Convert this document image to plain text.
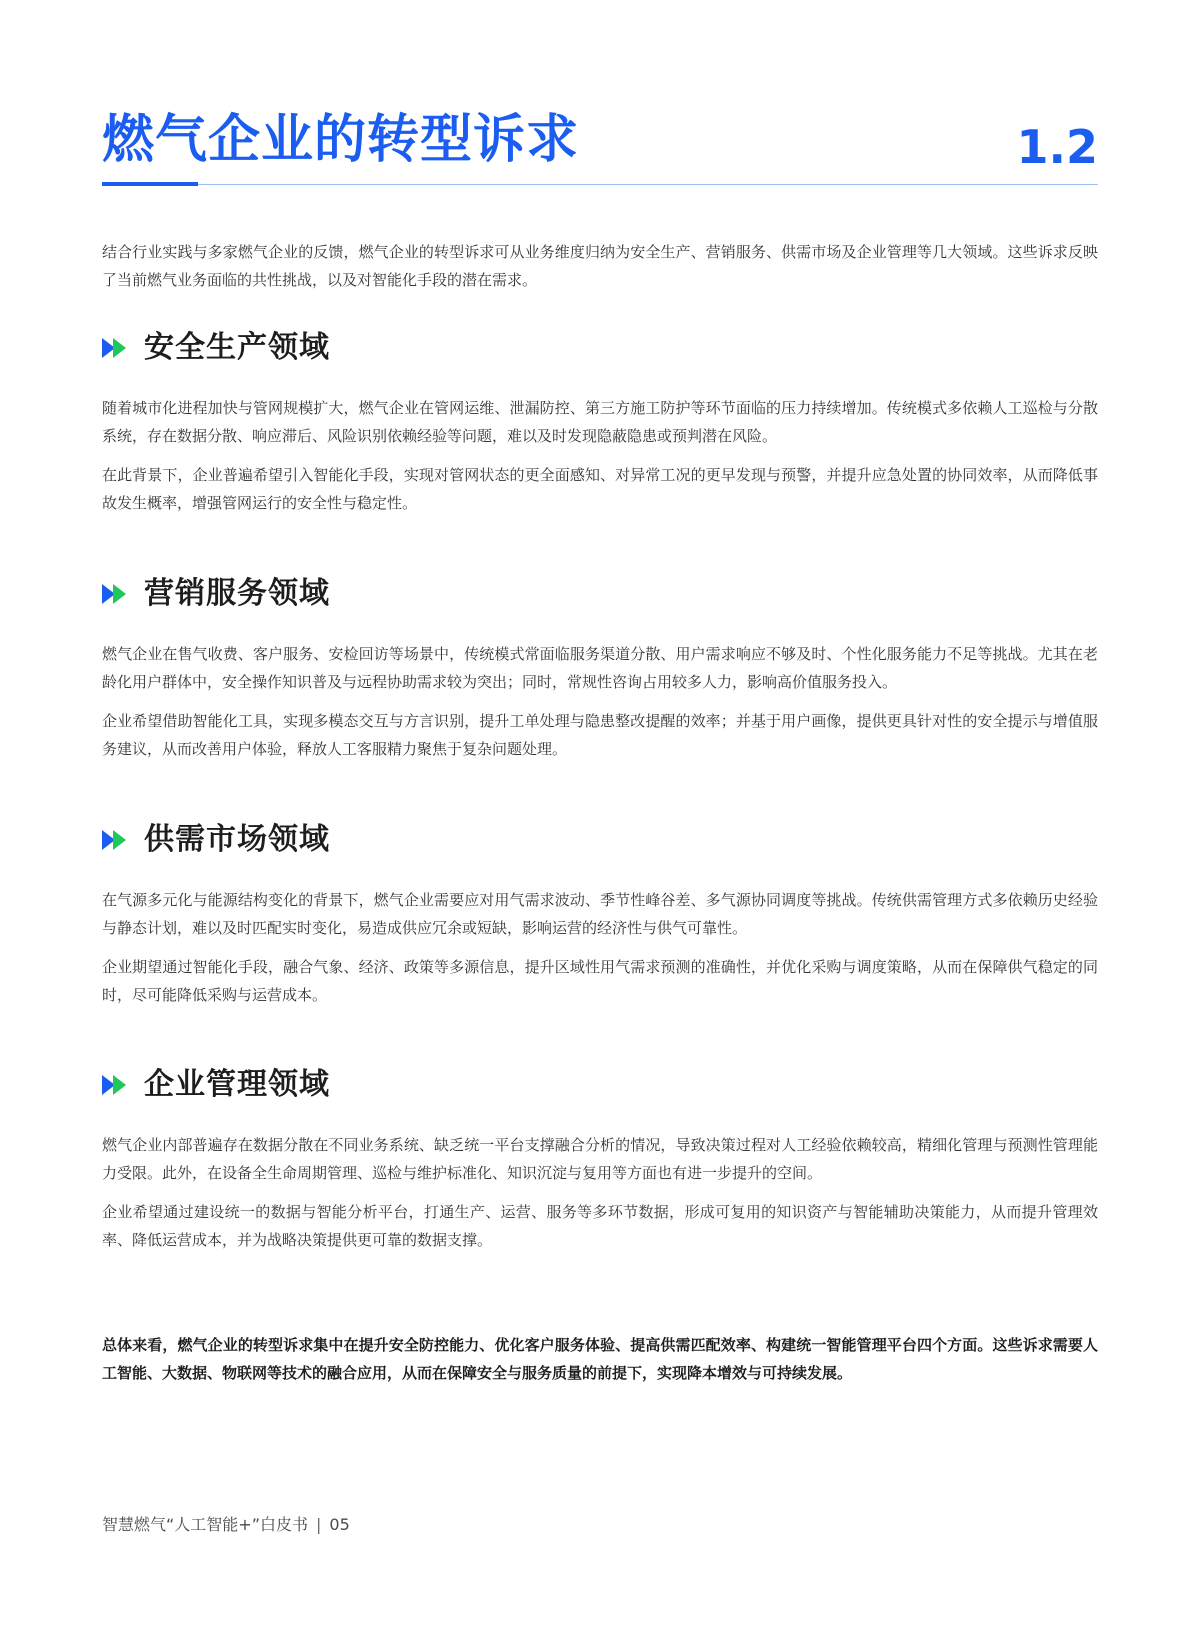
燃气企业的转型诉求	1.2

结合行业实践与多家燃气企业的反馈，燃气企业的转型诉求可从业务维度归纳为安全生产、营销服务、供需市场及企业管理等几大领域。这些诉求反映了当前燃气业务面临的共性挑战，以及对智能化手段的潜在需求。

安全生产领域

随着城市化进程加快与管网规模扩大，燃气企业在管网运维、泄漏防控、第三方施工防护等环节面临的压力持续增加。传统模式多依赖人工巡检与分散系统，存在数据分散、响应滞后、风险识别依赖经验等问题，难以及时发现隐蔽隐患或预判潜在风险。

在此背景下，企业普遍希望引入智能化手段，实现对管网状态的更全面感知、对异常工况的更早发现与预警，并提升应急处置的协同效率，从而降低事故发生概率，增强管网运行的安全性与稳定性。

营销服务领域

燃气企业在售气收费、客户服务、安检回访等场景中，传统模式常面临服务渠道分散、用户需求响应不够及时、个性化服务能力不足等挑战。尤其在老龄化用户群体中，安全操作知识普及与远程协助需求较为突出；同时，常规性咨询占用较多人力，影响高价值服务投入。

企业希望借助智能化工具，实现多模态交互与方言识别，提升工单处理与隐患整改提醒的效率；并基于用户画像，提供更具针对性的安全提示与增值服务建议，从而改善用户体验，释放人工客服精力聚焦于复杂问题处理。

供需市场领域

在气源多元化与能源结构变化的背景下，燃气企业需要应对用气需求波动、季节性峰谷差、多气源协同调度等挑战。传统供需管理方式多依赖历史经验与静态计划，难以及时匹配实时变化，易造成供应冗余或短缺，影响运营的经济性与供气可靠性。

企业期望通过智能化手段，融合气象、经济、政策等多源信息，提升区域性用气需求预测的准确性，并优化采购与调度策略，从而在保障供气稳定的同时，尽可能降低采购与运营成本。

企业管理领域

燃气企业内部普遍存在数据分散在不同业务系统、缺乏统一平台支撑融合分析的情况，导致决策过程对人工经验依赖较高，精细化管理与预测性管理能力受限。此外，在设备全生命周期管理、巡检与维护标准化、知识沉淀与复用等方面也有进一步提升的空间。

企业希望通过建设统一的数据与智能分析平台，打通生产、运营、服务等多环节数据，形成可复用的知识资产与智能辅助决策能力，从而提升管理效率、降低运营成本，并为战略决策提供更可靠的数据支撑。

总体来看，燃气企业的转型诉求集中在提升安全防控能力、优化客户服务体验、提高供需匹配效率、构建统一智能管理平台四个方面。这些诉求需要人工智能、大数据、物联网等技术的融合应用，从而在保障安全与服务质量的前提下，实现降本增效与可持续发展。

智慧燃气“人工智能+”白皮书 | 05
